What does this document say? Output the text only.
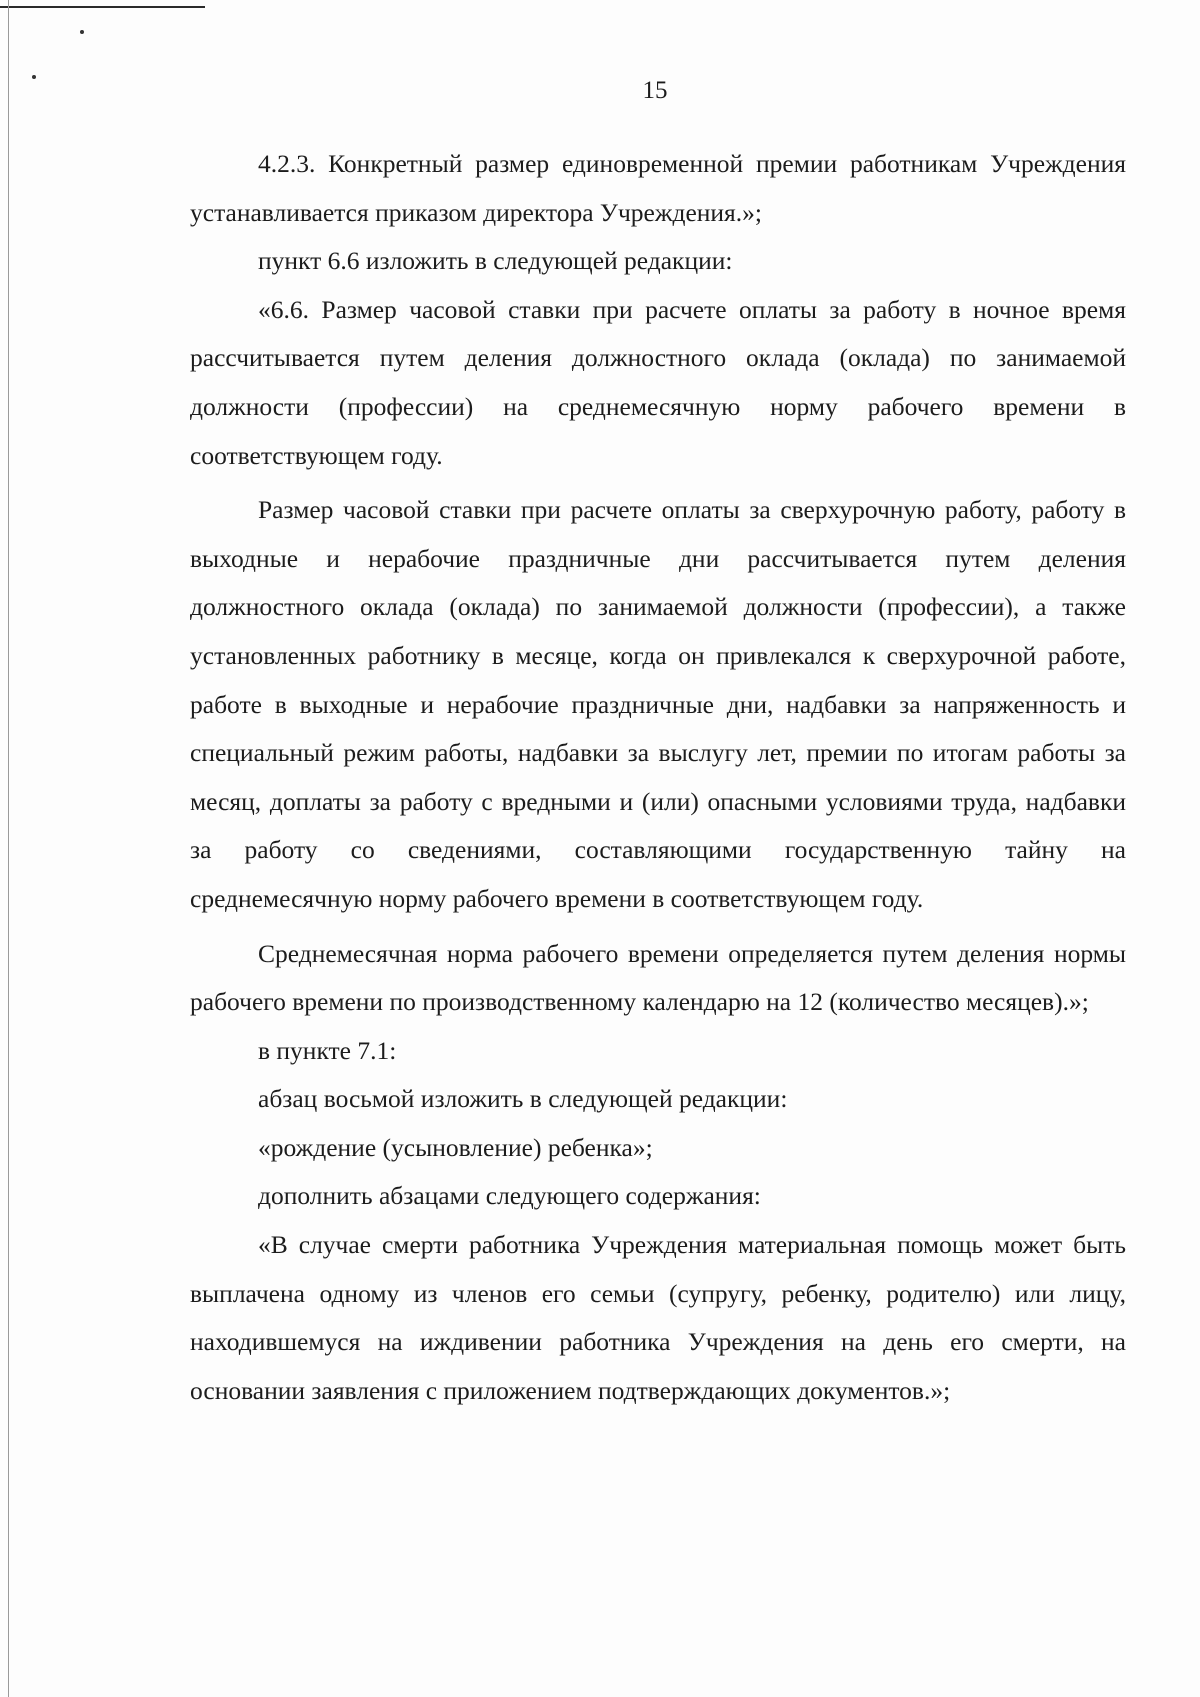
15

4.2.3. Конкретный размер единовременной премии работникам Учреждения устанавливается приказом директора Учреждения.»;

пункт 6.6 изложить в следующей редакции:

«6.6. Размер часовой ставки при расчете оплаты за работу в ночное время рассчитывается путем деления должностного оклада (оклада) по занимаемой должности (профессии) на среднемесячную норму рабочего времени в соответствующем году.

Размер часовой ставки при расчете оплаты за сверхурочную работу, работу в выходные и нерабочие праздничные дни рассчитывается путем деления должностного оклада (оклада) по занимаемой должности (профессии), а также установленных работнику в месяце, когда он привлекался к сверхурочной работе, работе в выходные и нерабочие праздничные дни, надбавки за напряженность и специальный режим работы, надбавки за выслугу лет, премии по итогам работы за месяц, доплаты за работу с вредными и (или) опасными условиями труда, надбавки за работу со сведениями, составляющими государственную тайну на среднемесячную норму рабочего времени в соответствующем году.

Среднемесячная норма рабочего времени определяется путем деления нормы рабочего времени по производственному календарю на 12 (количество месяцев).»;

в пункте 7.1:

абзац восьмой изложить в следующей редакции:

«рождение (усыновление) ребенка»;

дополнить абзацами следующего содержания:

«В случае смерти работника Учреждения материальная помощь может быть выплачена одному из членов его семьи (супругу, ребенку, родителю) или лицу, находившемуся на иждивении работника Учреждения на день его смерти, на основании заявления с приложением подтверждающих документов.»;
